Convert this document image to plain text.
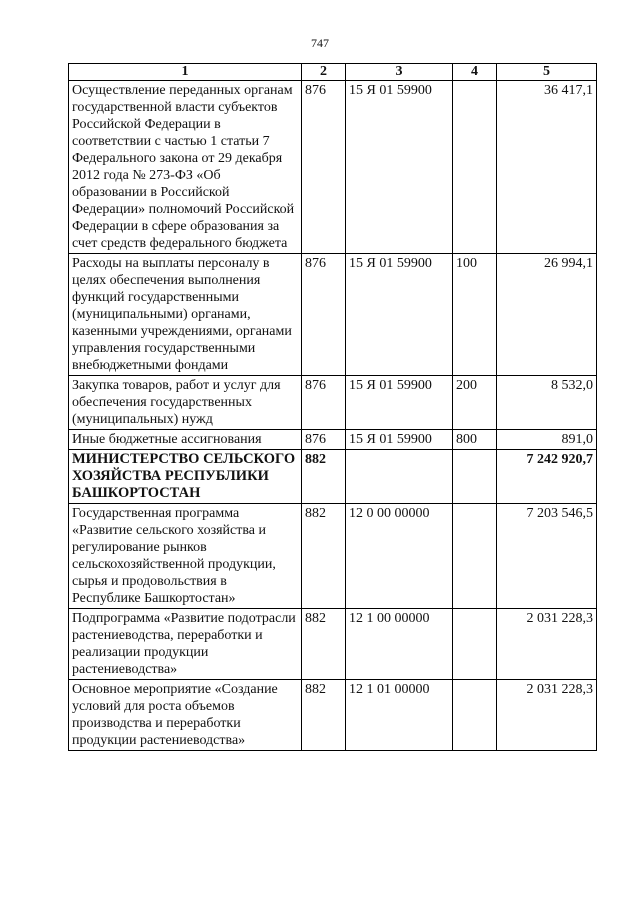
747
1	2	3	4	5
Осуществление переданных органам государственной власти субъектов Российской Федерации в соответствии с частью 1 статьи 7 Федерального закона от 29 декабря 2012 года № 273-ФЗ «Об образовании в Российской Федерации» полномочий Российской Федерации в сфере образования за счет средств федерального бюджета	876	15 Я 01 59900		36 417,1
Расходы на выплаты персоналу в целях обеспечения выполнения функций государственными (муниципальными) органами, казенными учреждениями, органами управления государственными внебюджетными фондами	876	15 Я 01 59900	100	26 994,1
Закупка товаров, работ и услуг для обеспечения государственных (муниципальных) нужд	876	15 Я 01 59900	200	8 532,0
Иные бюджетные ассигнования	876	15 Я 01 59900	800	891,0
МИНИСТЕРСТВО СЕЛЬСКОГО ХОЗЯЙСТВА РЕСПУБЛИКИ БАШКОРТОСТАН	882			7 242 920,7
Государственная программа «Развитие сельского хозяйства и регулирование рынков сельскохозяйственной продукции, сырья и продовольствия в Республике Башкортостан»	882	12 0 00 00000		7 203 546,5
Подпрограмма «Развитие подотрасли растениеводства, переработки и реализации продукции растениеводства»	882	12 1 00 00000		2 031 228,3
Основное мероприятие «Создание условий для роста объемов производства и переработки продукции растениеводства»	882	12 1 01 00000		2 031 228,3
